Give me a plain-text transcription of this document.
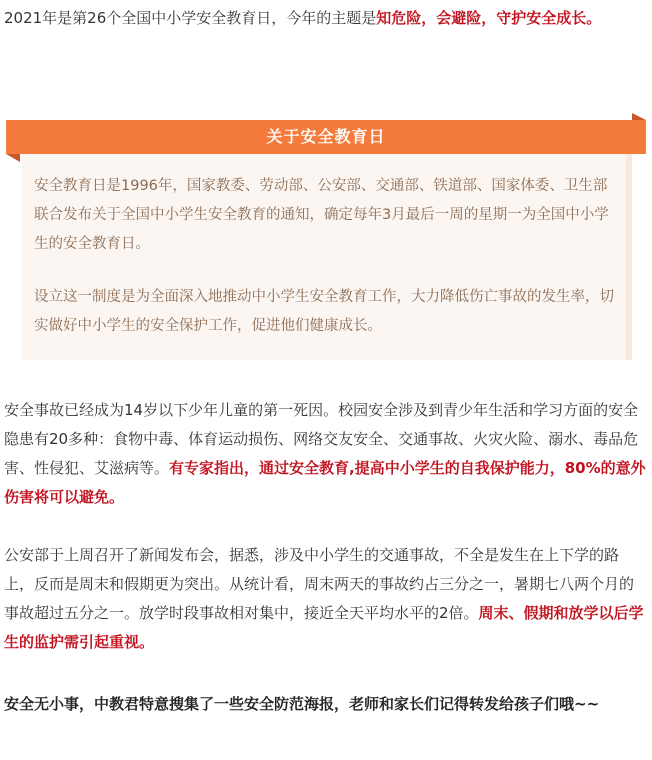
2021年是第26个全国中小学安全教育日，今年的主题是知危险，会避险，守护安全成长。

关于安全教育日

安全教育日是1996年，国家教委、劳动部、公安部、交通部、铁道部、国家体委、卫生部联合发布关于全国中小学生安全教育的通知，确定每年3月最后一周的星期一为全国中小学生的安全教育日。

设立这一制度是为全面深入地推动中小学生安全教育工作，大力降低伤亡事故的发生率，切实做好中小学生的安全保护工作，促进他们健康成长。

安全事故已经成为14岁以下少年儿童的第一死因。校园安全涉及到青少年生活和学习方面的安全隐患有20多种：食物中毒、体育运动损伤、网络交友安全、交通事故、火灾火险、溺水、毒品危害、性侵犯、艾滋病等。有专家指出，通过安全教育,提高中小学生的自我保护能力，80%的意外伤害将可以避免。

公安部于上周召开了新闻发布会，据悉，涉及中小学生的交通事故，不全是发生在上下学的路上，反而是周末和假期更为突出。从统计看，周末两天的事故约占三分之一，暑期七八两个月的事故超过五分之一。放学时段事故相对集中，接近全天平均水平的2倍。周末、假期和放学以后学生的监护需引起重视。

安全无小事，中教君特意搜集了一些安全防范海报，老师和家长们记得转发给孩子们哦~~
